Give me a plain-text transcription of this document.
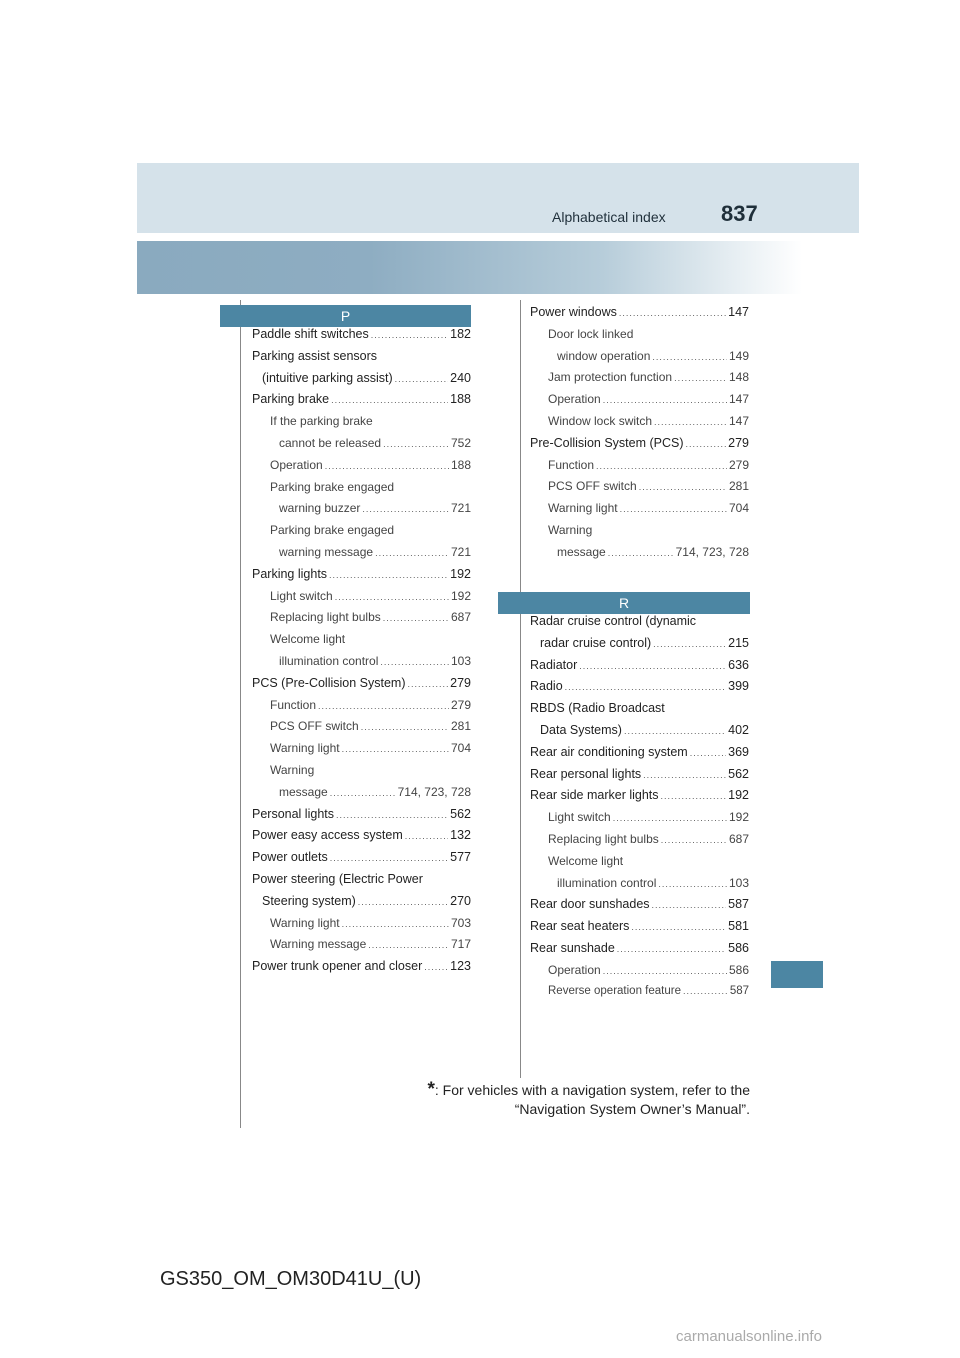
Alphabetical index	837
P
Paddle shift switches .....	182
Parking assist sensors
(intuitive parking assist) .....	240
Parking brake .....	188
If the parking brake
cannot be released .....	752
Operation .....	188
Parking brake engaged
warning buzzer .....	721
Parking brake engaged
warning message .....	721
Parking lights .....	192
Light switch .....	192
Replacing light bulbs .....	687
Welcome light
illumination control .....	103
PCS (Pre-Collision System) .....	279
Function .....	279
PCS OFF switch .....	281
Warning light .....	704
Warning
message .....	714, 723, 728
Personal lights .....	562
Power easy access system .....	132
Power outlets .....	577
Power steering (Electric Power
Steering system) .....	270
Warning light .....	703
Warning message .....	717
Power trunk opener and closer ..... 123
Power windows .....	147
Door lock linked
window operation .....	149
Jam protection function .....	148
Operation .....	147
Window lock switch .....	147
Pre-Collision System (PCS) .....	279
Function .....	279
PCS OFF switch .....	281
Warning light .....	704
Warning
message .....	714, 723, 728
R
Radar cruise control (dynamic
radar cruise control) .....	215
Radiator .....	636
Radio .....	399
RBDS (Radio Broadcast
Data Systems) .....	402
Rear air conditioning system .....	369
Rear personal lights .....	562
Rear side marker lights .....	192
Light switch .....	192
Replacing light bulbs .....	687
Welcome light
illumination control .....	103
Rear door sunshades .....	587
Rear seat heaters .....	581
Rear sunshade .....	586
Operation .....	586
Reverse operation feature .....	587
*: For vehicles with a navigation system, refer to the
“Navigation System Owner’s Manual”.
GS350_OM_OM30D41U_(U)
carmanualsonline.info
